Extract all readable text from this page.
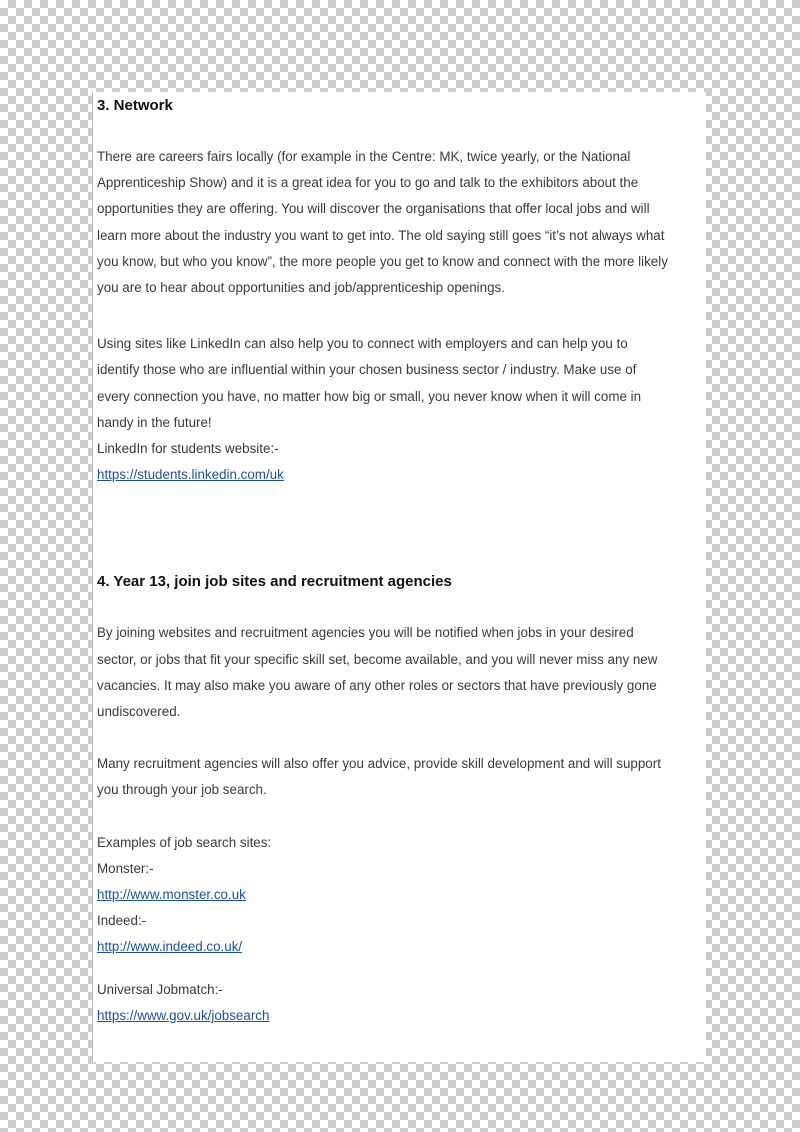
3. Network

There are careers fairs locally (for example in the Centre: MK, twice yearly, or the National
Apprenticeship Show) and it is a great idea for you to go and talk to the exhibitors about the
opportunities they are offering. You will discover the organisations that offer local jobs and will
learn more about the industry you want to get into. The old saying still goes “it’s not always what
you know, but who you know”, the more people you get to know and connect with the more likely
you are to hear about opportunities and job/apprenticeship openings.

Using sites like LinkedIn can also help you to connect with employers and can help you to
identify those who are influential within your chosen business sector / industry. Make use of
every connection you have, no matter how big or small, you never know when it will come in
handy in the future!
LinkedIn for students website:-

https://students.linkedin.com/uk
4. Year 13, join job sites and recruitment agencies

By joining websites and recruitment agencies you will be notified when jobs in your desired
sector, or jobs that fit your specific skill set, become available, and you will never miss any new
vacancies. It may also make you aware of any other roles or sectors that have previously gone
undiscovered.

Many recruitment agencies will also offer you advice, provide skill development and will support
you through your job search.

Examples of job search sites:

Monster:-

http://www.monster.co.uk

Indeed:-

http://www.indeed.co.uk/

Universal Jobmatch:-

https://www.gov.uk/jobsearch
